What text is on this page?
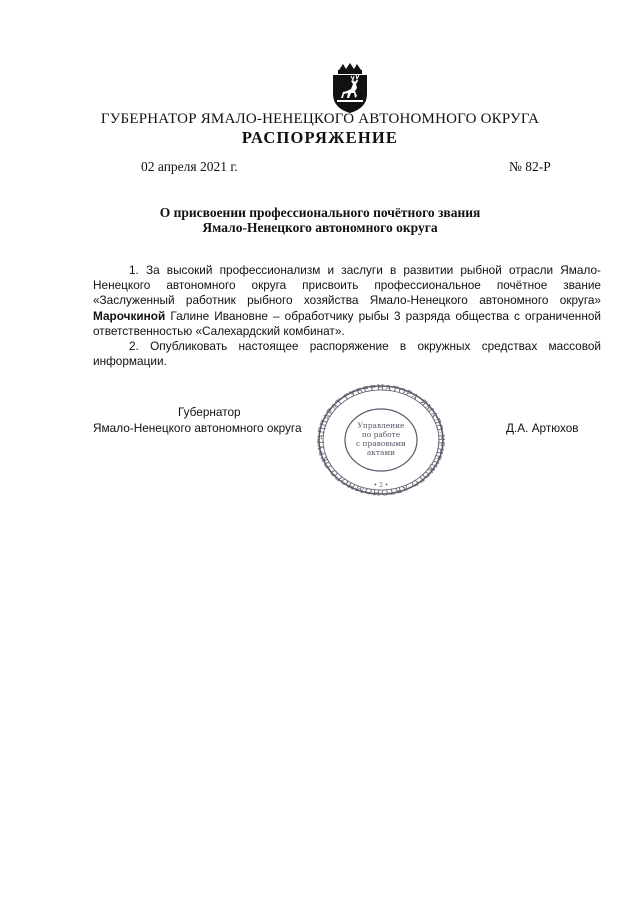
ГУБЕРНАТОР ЯМАЛО-НЕНЕЦКОГО АВТОНОМНОГО ОКРУГА
РАСПОРЯЖЕНИЕ
02 апреля 2021 г.	№ 82-Р
О присвоении профессионального почётного звания
Ямало-Ненецкого автономного округа

1. За высокий профессионализм и заслуги в развитии рыбной отрасли Ямало-Ненецкого автономного округа присвоить профессиональное почётное звание «Заслуженный работник рыбного хозяйства Ямало-Ненецкого автономного округа» Марочкиной Галине Ивановне – обработчику рыбы 3 разряда общества с ограниченной ответственностью «Салехардский комбинат».

2. Опубликовать настоящее распоряжение в окружных средствах массовой информации.

Губернатор
Ямало-Ненецкого автономного округа	Д.А. Артюхов
АППАРАТ ГУБЕРНАТОРА ЯМАЛО-НЕНЕЦКОГО АВТОНОМНОГО ОКРУГ
Управление
по работе
с правовыми
актами
• 2 •
